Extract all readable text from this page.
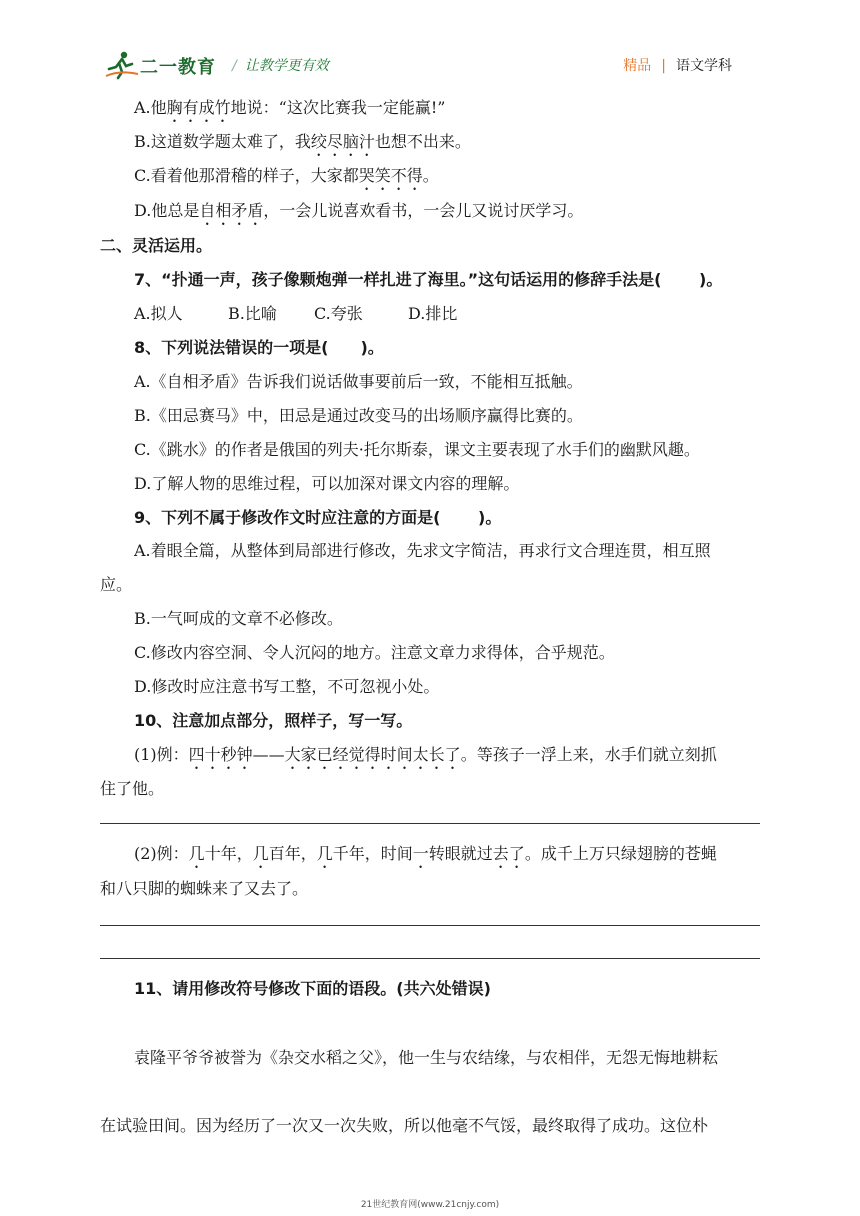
二一教育 / 让教学更有效	精品 | 语文学科
A.他胸有成竹地说：“这次比赛我一定能赢!”
B.这道数学题太难了，我绞尽脑汁也想不出来。
C.看着他那滑稽的样子，大家都哭笑不得。
D.他总是自相矛盾，一会儿说喜欢看书，一会儿又说讨厌学习。
二、灵活运用。
7、“扑通一声，孩子像颗炮弹一样扎进了海里。”这句话运用的修辞手法是(　　 )。
A.拟人	B.比喻 C.夸张	D.排比
8、下列说法错误的一项是(　　)。
A.《自相矛盾》告诉我们说话做事要前后一致，不能相互抵触。
B.《田忌赛马》中，田忌是通过改变马的出场顺序赢得比赛的。
C.《跳水》的作者是俄国的列夫·托尔斯泰，课文主要表现了水手们的幽默风趣。
D.了解人物的思维过程，可以加深对课文内容的理解。
9、下列不属于修改作文时应注意的方面是(　　 )。
A.着眼全篇，从整体到局部进行修改，先求文字简洁，再求行文合理连贯，相互照
应。
B.一气呵成的文章不必修改。
C.修改内容空洞、令人沉闷的地方。注意文章力求得体，合乎规范。
D.修改时应注意书写工整，不可忽视小处。
10、注意加点部分，照样子，写一写。
(1)例：四十秒钟——大家已经觉得时间太长了。等孩子一浮上来，水手们就立刻抓
住了他。
(2)例：几十年，几百年，几千年，时间一转眼就过去了。成千上万只绿翅膀的苍蝇
和八只脚的蜘蛛来了又去了。
11、请用修改符号修改下面的语段。(共六处错误)
袁隆平爷爷被誉为《杂交水稻之父》，他一生与农结缘，与农相伴，无怨无悔地耕耘
在试验田间。因为经历了一次又一次失败，所以他毫不气馁，最终取得了成功。这位朴
21世纪教育网(www.21cnjy.com)
